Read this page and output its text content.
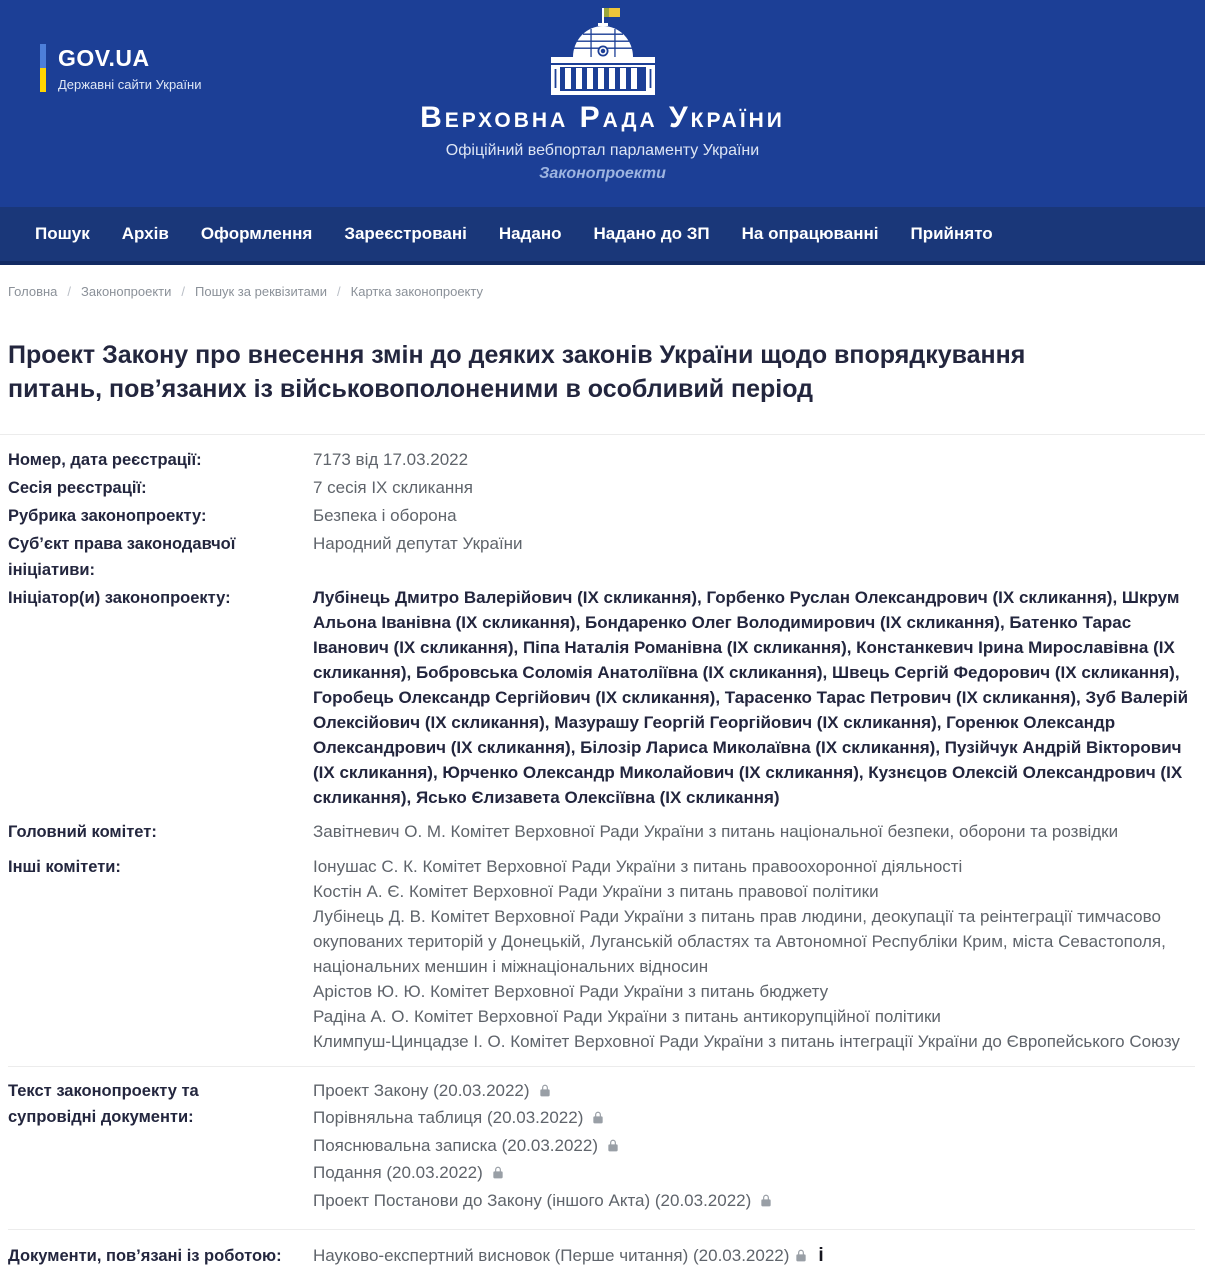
GOV.UA
Державні сайти України
Верховна Рада України
Офіційний вебпортал парламенту України
Законопроекти
Пошук	Архів	Оформлення	Зареєстровані	Надано	Надано до ЗП	На опрацюванні	Прийнято
Головна / Законопроекти / Пошук за реквізитами / Картка законопроекту
Проект Закону про внесення змін до деяких законів України щодо впорядкування питань, пов’язаних із військовополоненими в особливий період
Номер, дата реєстрації:	7173 від 17.03.2022
Сесія реєстрації:	7 сесія IX скликання
Рубрика законопроекту:	Безпека і оборона
Суб’єкт права законодавчої ініціативи:
Народний депутат України
Ініціатор(и) законопроекту:	Лубінець Дмитро Валерійович (ІХ скликання), Горбенко Руслан Олександрович (ІХ скликання), Шкрум Альона Іванівна (ІХ скликання), Бондаренко Олег Володимирович (ІХ скликання), Батенко Тарас Іванович (ІХ скликання), Піпа Наталія Романівна (ІХ скликання), Констанкевич Ірина Мирославівна (ІХ скликання), Бобровська Соломія Анатоліївна (ІХ скликання), Швець Сергій Федорович (ІХ скликання), Горобець Олександр Сергійович (ІХ скликання), Тарасенко Тарас Петрович (ІХ скликання), Зуб Валерій Олексійович (ІХ скликання), Мазурашу Георгій Георгійович (ІХ скликання), Горенюк Олександр Олександрович (ІХ скликання), Білозір Лариса Миколаївна (ІХ скликання), Пузійчук Андрій Вікторович (ІХ скликання), Юрченко Олександр Миколайович (ІХ скликання), Кузнєцов Олексій Олександрович (ІХ скликання), Ясько Єлизавета Олексіївна (ІХ скликання)
Головний комітет:	Завітневич О. М. Комітет Верховної Ради України з питань національної безпеки, оборони та розвідки
Інші комітети:	Іонушас С. К. Комітет Верховної Ради України з питань правоохоронної діяльності
Костін А. Є. Комітет Верховної Ради України з питань правової політики
Лубінець Д. В. Комітет Верховної Ради України з питань прав людини, деокупації та реінтеграції тимчасово окупованих територій у Донецькій, Луганській областях та Автономної Республіки Крим, міста Севастополя, національних меншин і міжнаціональних відносин
Арістов Ю. Ю. Комітет Верховної Ради України з питань бюджету
Радіна А. О. Комітет Верховної Ради України з питань антикорупційної політики
Климпуш-Цинцадзе І. О. Комітет Верховної Ради України з питань інтеграції України до Європейського Союзу
Текст законопроекту та супровідні документи:
Проект Закону (20.03.2022)
Порівняльна таблиця (20.03.2022)
Пояснювальна записка (20.03.2022)
Подання (20.03.2022)
Проект Постанови до Закону (іншого Акта) (20.03.2022)
Документи, пов’язані із роботою:	Науково-експертний висновок (Перше читання) (20.03.2022) i
